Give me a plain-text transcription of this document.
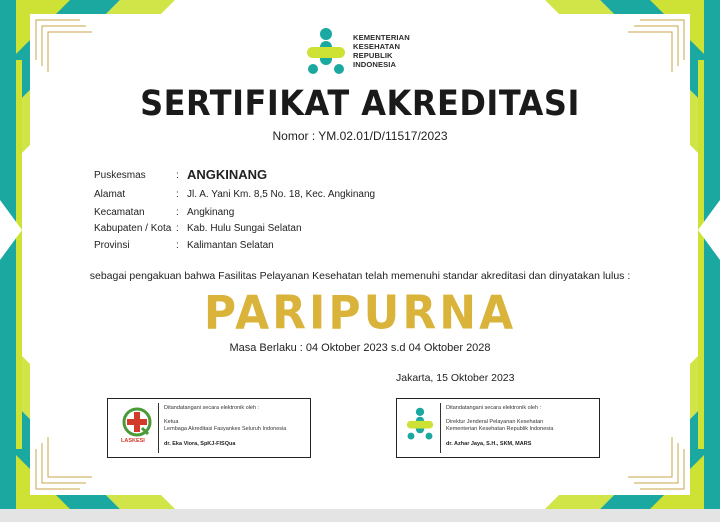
KEMENTERIAN
KESEHATAN
REPUBLIK
INDONESIA
SERTIFIKAT AKREDITASI
Nomor : YM.02.01/D/11517/2023
Puskesmas	: ANGKINANG
Alamat	: Jl. A. Yani Km. 8,5 No. 18, Kec. Angkinang
Kecamatan	: Angkinang
Kabupaten / Kota : Kab. Hulu Sungai Selatan
Provinsi	: Kalimantan Selatan
sebagai pengakuan bahwa Fasilitas Pelayanan Kesehatan telah memenuhi standar akreditasi dan dinyatakan lulus :
PARIPURNA
Masa Berlaku : 04 Oktober 2023 s.d 04 Oktober 2028
Jakarta, 15 Oktober 2023
LASKESI
Ditandatangani secara elektronik oleh :
Ketua
Lembaga Akreditasi Fasyankes Seluruh Indonesia
dr. Eka Viora, SpKJ-FISQua
Ditandatangani secara elektronik oleh :
Direktur Jenderal Pelayanan Kesehatan
Kementerian Kesehatan Republik Indonesia
dr. Azhar Jaya, S.H., SKM, MARS
